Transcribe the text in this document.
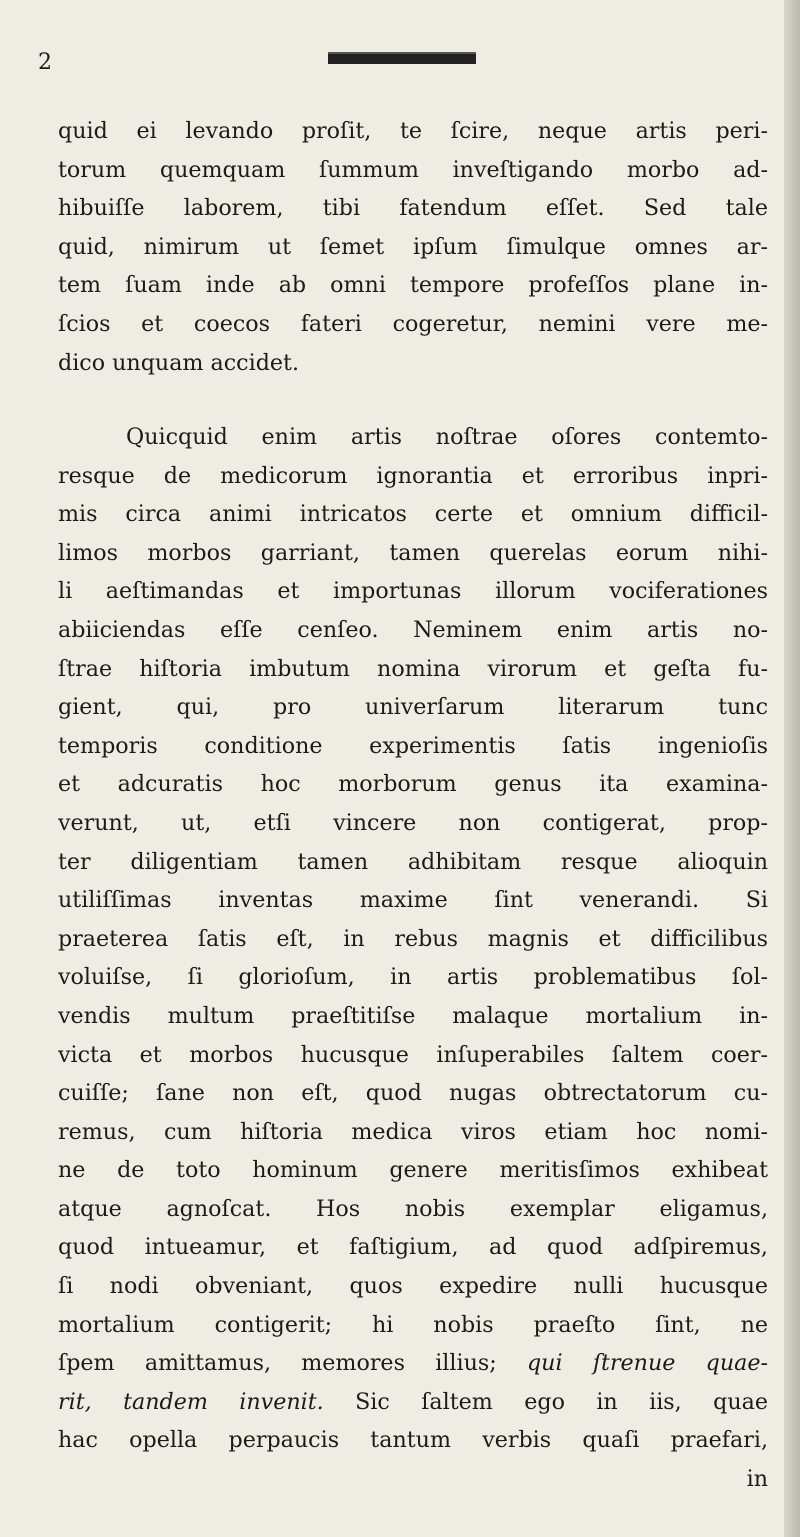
2
quid ei levando proſit, te ſcire, neque artis peri-
torum quemquam ſummum inveſtigando morbo ad-
hibuiſſe laborem, tibi fatendum eſſet. Sed tale
quid, nimirum ut ſemet ipſum ſimulque omnes ar-
tem ſuam inde ab omni tempore profeſſos plane in-
ſcios et coecos fateri cogeretur, nemini vere me-
dico unquam accidet.
Quicquid enim artis noſtrae oſores contemto-
resque de medicorum ignorantia et erroribus inpri-
mis circa animi intricatos certe et omnium difficil-
limos morbos garriant, tamen querelas eorum nihi-
li aeſtimandas et importunas illorum vociferationes
abiiciendas eſſe cenſeo. Neminem enim artis no-
ſtrae hiſtoria imbutum nomina virorum et geſta fu-
gient, qui, pro univerſarum literarum tunc
temporis conditione experimentis ſatis ingenioſis
et adcuratis hoc morborum genus ita examina-
verunt, ut, etſi vincere non contigerat, prop-
ter diligentiam tamen adhibitam resque alioquin
utiliſſimas inventas maxime ſint venerandi. Si
praeterea ſatis eſt, in rebus magnis et difficilibus
voluiſse, ſi glorioſum, in artis problematibus ſol-
vendis multum praeſtitiſse malaque mortalium in-
victa et morbos hucusque inſuperabiles ſaltem coer-
cuiſſe; ſane non eſt, quod nugas obtrectatorum cu-
remus, cum hiſtoria medica viros etiam hoc nomi-
ne de toto hominum genere meritisſimos exhibeat
atque agnoſcat. Hos nobis exemplar eligamus,
quod intueamur, et faſtigium, ad quod adſpiremus,
ſi nodi obveniant, quos expedire nulli hucusque
mortalium contigerit; hi nobis praeſto ſint, ne
ſpem amittamus, memores illius; qui ſtrenue quae-
rit, tandem invenit. Sic ſaltem ego in iis, quae
hac opella perpaucis tantum verbis quaſi praefari,
in
